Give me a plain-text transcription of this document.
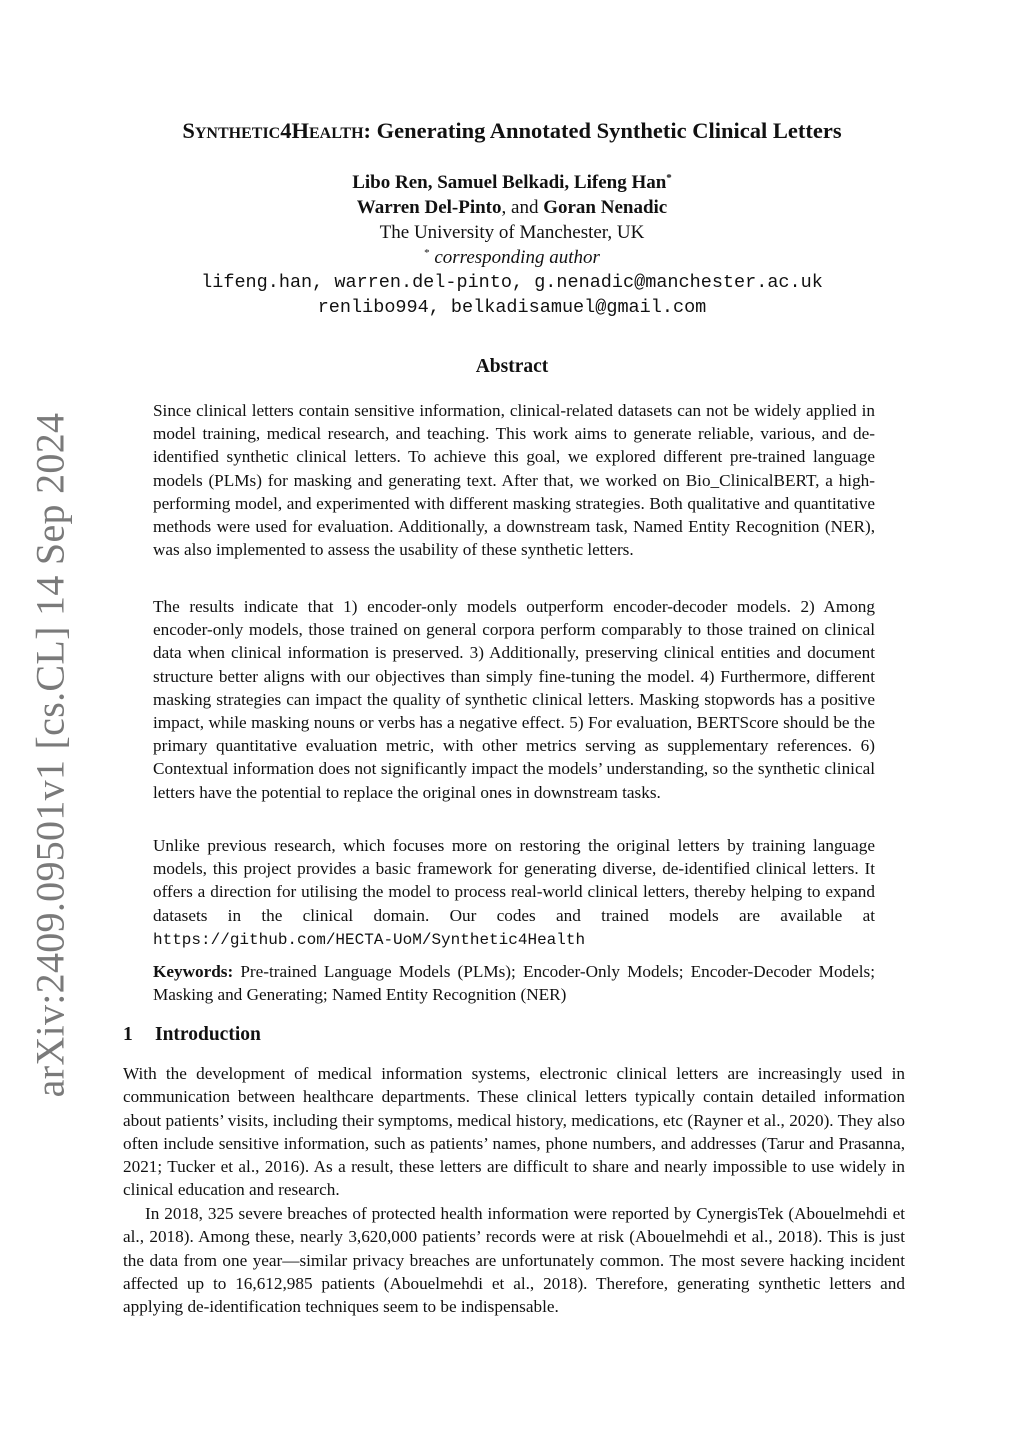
arXiv:2409.09501v1 [cs.CL] 14 Sep 2024
Synthetic4Health: Generating Annotated Synthetic Clinical Letters
Libo Ren, Samuel Belkadi, Lifeng Han*
Warren Del-Pinto, and Goran Nenadic
The University of Manchester, UK
* corresponding author
lifeng.han, warren.del-pinto, g.nenadic@manchester.ac.uk
renlibo994, belkadisamuel@gmail.com
Abstract

Since clinical letters contain sensitive information, clinical-related datasets can not be widely applied in model training, medical research, and teaching. This work aims to generate reliable, various, and de-identified synthetic clinical letters. To achieve this goal, we explored different pre-trained language models (PLMs) for masking and generating text. After that, we worked on Bio_ClinicalBERT, a high-performing model, and experimented with different masking strategies. Both qualitative and quantitative methods were used for evaluation. Additionally, a downstream task, Named Entity Recognition (NER), was also implemented to assess the usability of these synthetic letters.

The results indicate that 1) encoder-only models outperform encoder-decoder models. 2) Among encoder-only models, those trained on general corpora perform comparably to those trained on clinical data when clinical information is preserved. 3) Additionally, preserving clinical entities and document structure better aligns with our objectives than simply fine-tuning the model. 4) Furthermore, different masking strategies can impact the quality of synthetic clinical letters. Masking stopwords has a positive impact, while masking nouns or verbs has a negative effect. 5) For evaluation, BERTScore should be the primary quantitative evaluation metric, with other metrics serving as supplementary references. 6) Contextual information does not significantly impact the models’ understanding, so the synthetic clinical letters have the potential to replace the original ones in downstream tasks.

Unlike previous research, which focuses more on restoring the original letters by training language models, this project provides a basic framework for generating diverse, de-identified clinical letters. It offers a direction for utilising the model to process real-world clinical letters, thereby helping to expand datasets in the clinical domain. Our codes and trained models are available at https://github.com/HECTA-UoM/Synthetic4Health

Keywords: Pre-trained Language Models (PLMs); Encoder-Only Models; Encoder-Decoder Models; Masking and Generating; Named Entity Recognition (NER)
1 Introduction

With the development of medical information systems, electronic clinical letters are increasingly used in communication between healthcare departments. These clinical letters typically contain detailed information about patients’ visits, including their symptoms, medical history, medications, etc (Rayner et al., 2020). They also often include sensitive information, such as patients’ names, phone numbers, and addresses (Tarur and Prasanna, 2021; Tucker et al., 2016). As a result, these letters are difficult to share and nearly impossible to use widely in clinical education and research.

In 2018, 325 severe breaches of protected health information were reported by CynergisTek (Abouelmehdi et al., 2018). Among these, nearly 3,620,000 patients’ records were at risk (Abouelmehdi et al., 2018). This is just the data from one year—similar privacy breaches are unfortunately common. The most severe hacking incident affected up to 16,612,985 patients (Abouelmehdi et al., 2018). Therefore, generating synthetic letters and applying de-identification techniques seem to be indispensable.
